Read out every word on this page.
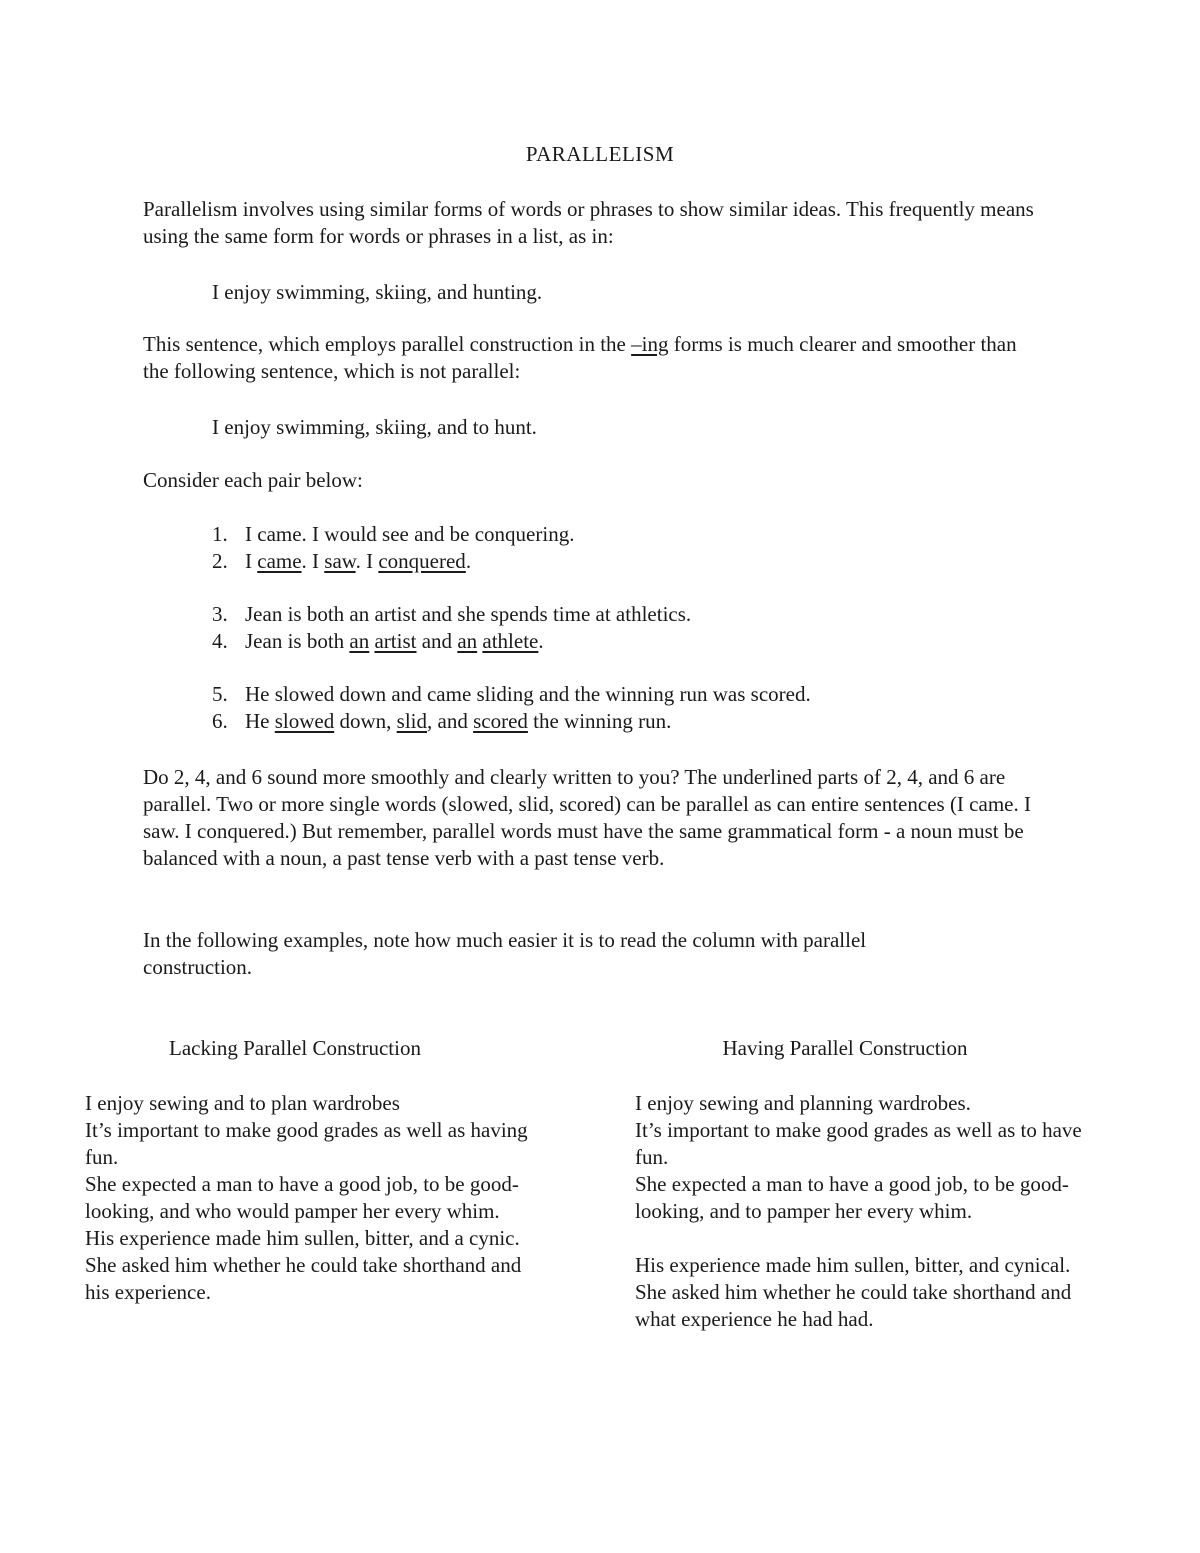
PARALLELISM
Parallelism involves using similar forms of words or phrases to show similar ideas. This frequently means using the same form for words or phrases in a list, as in:
I enjoy swimming, skiing, and hunting.
This sentence, which employs parallel construction in the –ing forms is much clearer and smoother than the following sentence, which is not parallel:
I enjoy swimming, skiing, and to hunt.
Consider each pair below:
1. I came. I would see and be conquering.
2. I came. I saw. I conquered.
3. Jean is both an artist and she spends time at athletics.
4. Jean is both an artist and an athlete.
5. He slowed down and came sliding and the winning run was scored.
6. He slowed down, slid, and scored the winning run.
Do 2, 4, and 6 sound more smoothly and clearly written to you? The underlined parts of 2, 4, and 6 are parallel. Two or more single words (slowed, slid, scored) can be parallel as can entire sentences (I came. I saw. I conquered.) But remember, parallel words must have the same grammatical form - a noun must be balanced with a noun, a past tense verb with a past tense verb.
In the following examples, note how much easier it is to read the column with parallel construction.
Lacking Parallel Construction	Having Parallel Construction

I enjoy sewing and to plan wardrobes

It’s important to make good grades as well as having fun.

She expected a man to have a good job, to be good-looking, and who would pamper her every whim.

His experience made him sullen, bitter, and a cynic.

She asked him whether he could take shorthand and his experience.

I enjoy sewing and planning wardrobes.

It’s important to make good grades as well as to have fun.

She expected a man to have a good job, to be good-looking, and to pamper her every whim.

His experience made him sullen, bitter, and cynical.

She asked him whether he could take shorthand and what experience he had had.
